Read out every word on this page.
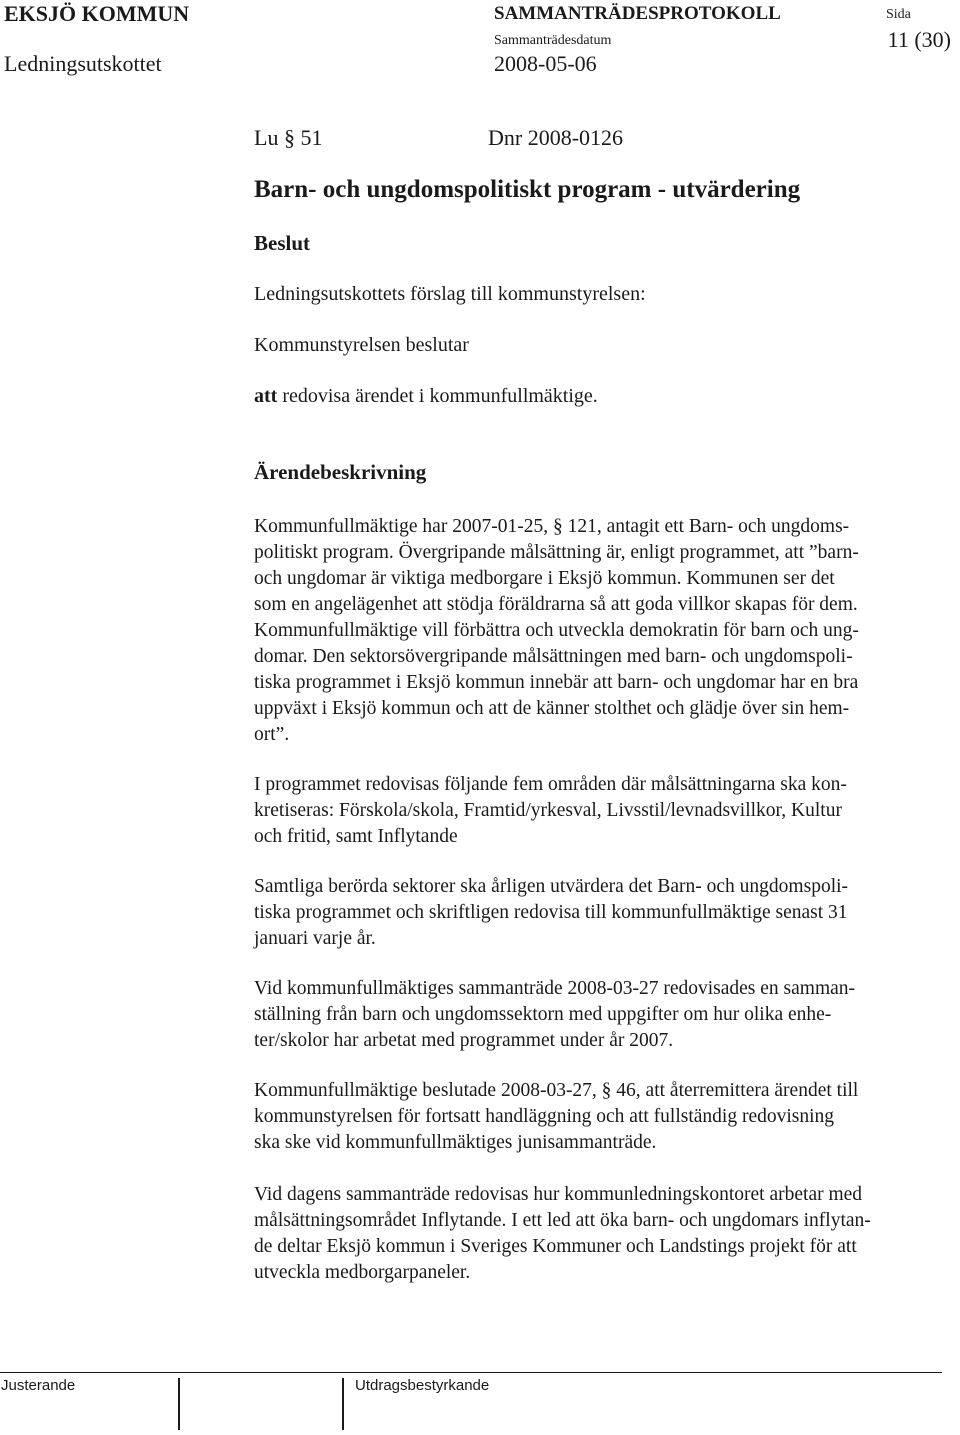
EKSJÖ KOMMUN	SAMMANTRÄDESPROTOKOLL	Sida
Ledningsutskottet
Sammanträdesdatum
2008-05-06
11 (30)
Lu § 51	Dnr 2008-0126
Barn- och ungdomspolitiskt program - utvärdering
Beslut
Ledningsutskottets förslag till kommunstyrelsen:
Kommunstyrelsen beslutar
att redovisa ärendet i kommunfullmäktige.
Ärendebeskrivning
Kommunfullmäktige har 2007-01-25, § 121, antagit ett Barn- och ungdoms-
politiskt program. Övergripande målsättning är, enligt programmet, att ”barn-
och ungdomar är viktiga medborgare i Eksjö kommun. Kommunen ser det
som en angelägenhet att stödja föräldrarna så att goda villkor skapas för dem.
Kommunfullmäktige vill förbättra och utveckla demokratin för barn och ung-
domar. Den sektorsövergripande målsättningen med barn- och ungdomspoli-
tiska programmet i Eksjö kommun innebär att barn- och ungdomar har en bra
uppväxt i Eksjö kommun och att de känner stolthet och glädje över sin hem-
ort”.
I programmet redovisas följande fem områden där målsättningarna ska kon-
kretiseras: Förskola/skola, Framtid/yrkesval, Livsstil/levnadsvillkor, Kultur
och fritid, samt Inflytande
Samtliga berörda sektorer ska årligen utvärdera det Barn- och ungdomspoli-
tiska programmet och skriftligen redovisa till kommunfullmäktige senast 31
januari varje år.
Vid kommunfullmäktiges sammanträde 2008-03-27 redovisades en samman-
ställning från barn och ungdomssektorn med uppgifter om hur olika enhe-
ter/skolor har arbetat med programmet under år 2007.
Kommunfullmäktige beslutade 2008-03-27, § 46, att återremittera ärendet till
kommunstyrelsen för fortsatt handläggning och att fullständig redovisning
ska ske vid kommunfullmäktiges junisammanträde.
Vid dagens sammanträde redovisas hur kommunledningskontoret arbetar med
målsättningsområdet Inflytande. I ett led att öka barn- och ungdomars inflytan-
de deltar Eksjö kommun i Sveriges Kommuner och Landstings projekt för att
utveckla medborgarpaneler.
Justerande	Utdragsbestyrkande
